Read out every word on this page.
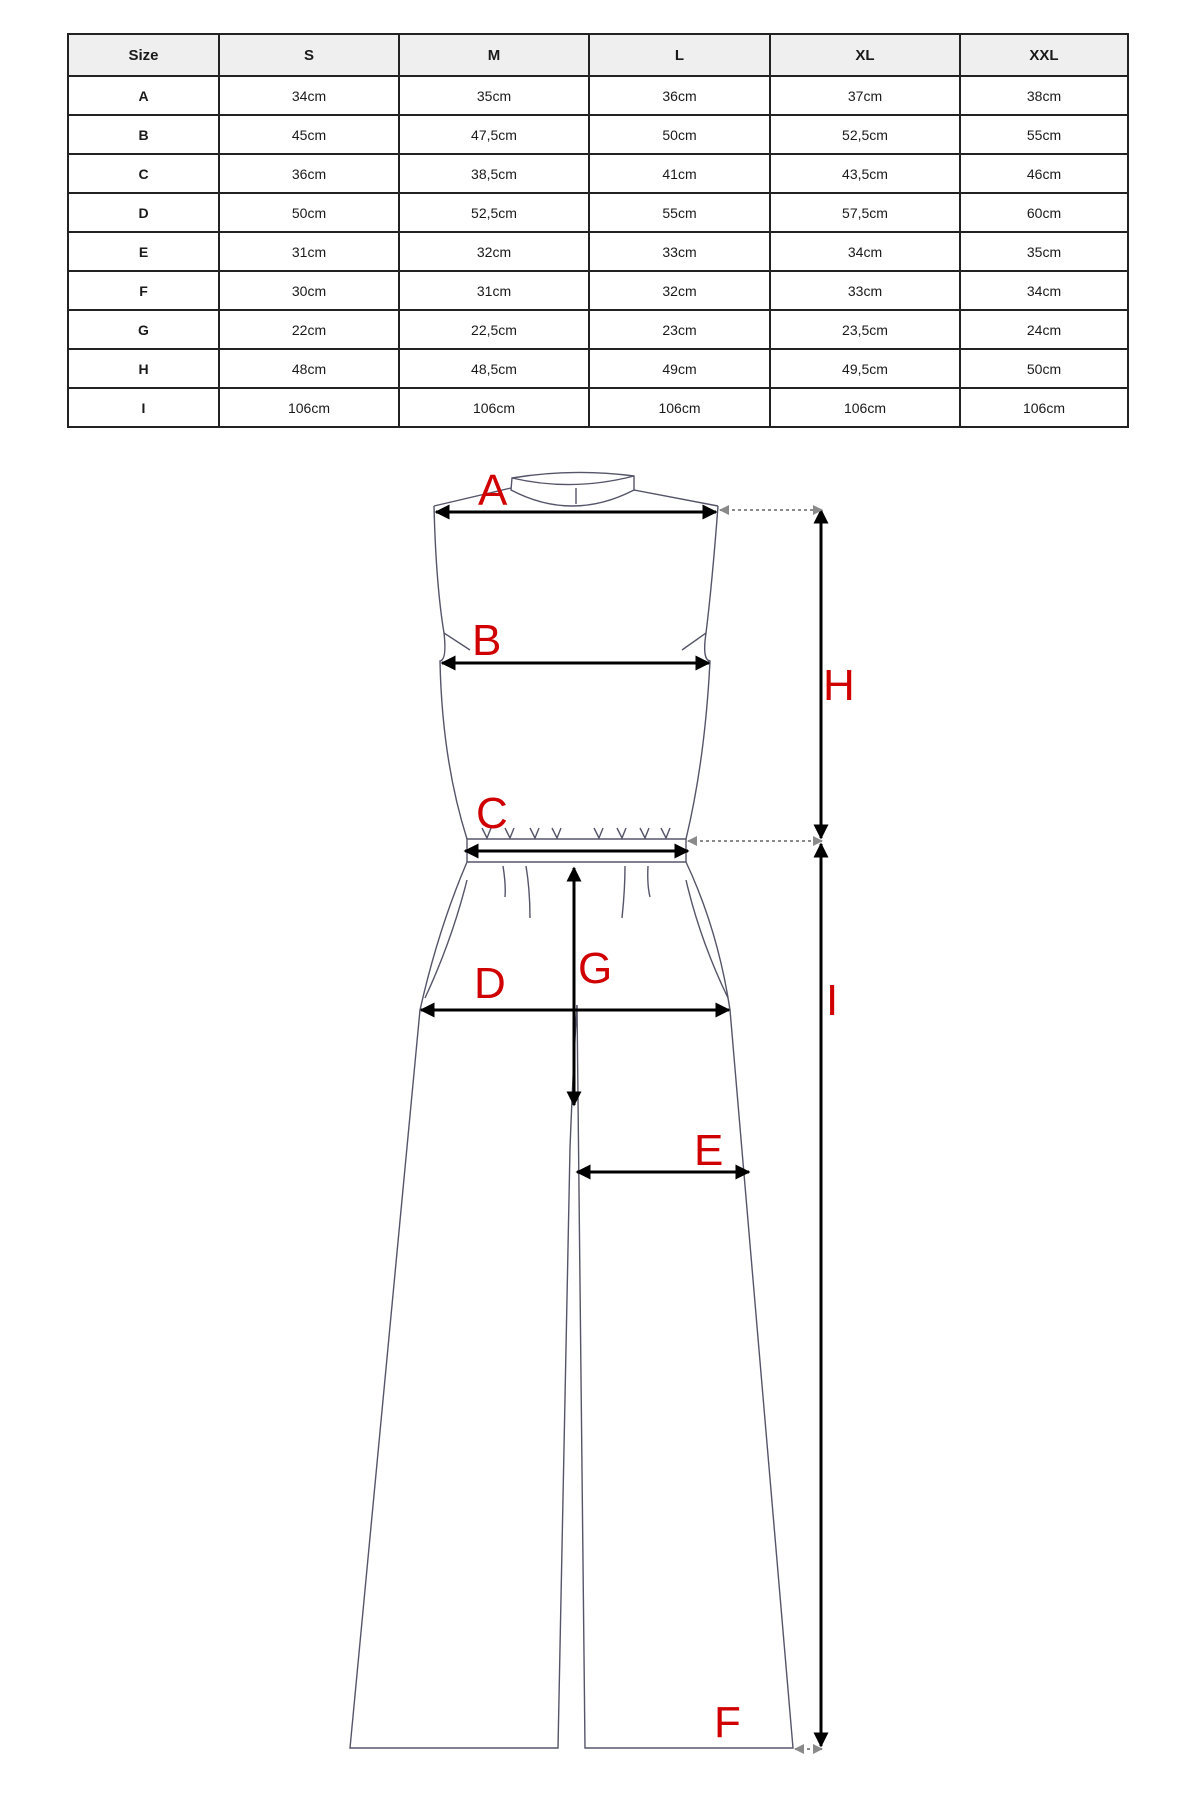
Size	S	M	L	XL	XXL
A	34cm	35cm	36cm	37cm	38cm
B	45cm	47,5cm	50cm	52,5cm	55cm
C	36cm	38,5cm	41cm	43,5cm	46cm
D	50cm	52,5cm	55cm	57,5cm	60cm
E	31cm	32cm	33cm	34cm	35cm
F	30cm	31cm	32cm	33cm	34cm
G	22cm	22,5cm	23cm	23,5cm	24cm
H	48cm	48,5cm	49cm	49,5cm	50cm
I	106cm	106cm	106cm	106cm	106cm
A
B
C
D
E
F
G
H
I
